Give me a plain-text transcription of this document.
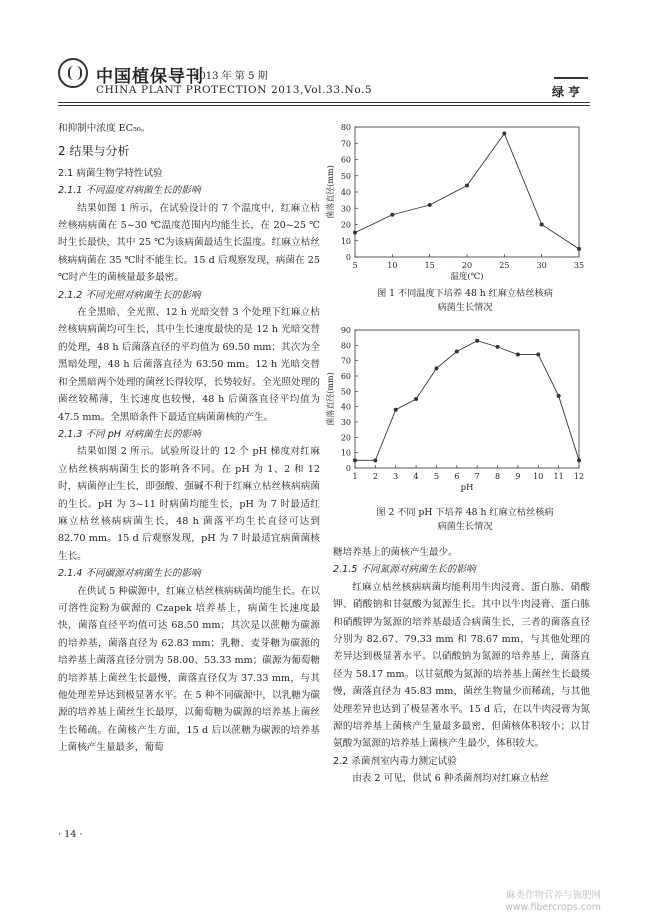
中国植保导刊
2013 年 第 5 期
CHINA PLANT PROTECTION 2013,Vol.33.No.5	绿 亨
和抑制中浓度 EC₅₀。
2 结果与分析
2.1 病菌生物学特性试验
2.1.1 不同温度对病菌生长的影响
结果如图 1 所示，在试验设计的 7 个温度中，红麻立枯丝核病病菌在 5~30 ℃温度范围内均能生长，在 20~25 ℃时生长最快，其中 25 ℃为该病菌最适生长温度。红麻立枯丝核病病菌在 35 ℃时不能生长。15 d 后观察发现，病菌在 25 ℃时产生的菌核量最多最密。
2.1.2 不同光照对病菌生长的影响
在全黑暗、全光照、12 h 光暗交替 3 个处理下红麻立枯丝核病病菌均可生长，其中生长速度最快的是 12 h 光暗交替的处理，48 h 后菌落直径的平均值为 69.50 mm；其次为全黑暗处理，48 h 后菌落直径为 63.50 mm。12 h 光暗交替和全黑暗两个处理的菌丝长得较厚，长势较好。全光照处理的菌丝较稀薄，生长速度也较慢，48 h 后菌落直径平均值为 47.5 mm。全黑暗条件下最适宜病菌菌核的产生。
2.1.3 不同 pH 对病菌生长的影响
结果如图 2 所示。试验所设计的 12 个 pH 梯度对红麻立枯丝核病病菌生长的影响各不同。在 pH 为 1、2 和 12 时，病菌停止生长，即强酸、强碱不利于红麻立枯丝核病病菌的生长。pH 为 3~11 时病菌均能生长，pH 为 7 时最适红麻立枯丝核病病菌生长，48 h 菌落平均生长直径可达到 82.70 mm。15 d 后观察发现，pH 为 7 时最适宜病菌菌核生长。
2.1.4 不同碳源对病菌生长的影响
在供试 5 种碳源中，红麻立枯丝核病病菌均能生长。在以可溶性淀粉为碳源的 Czapek 培养基上，病菌生长速度最快，菌落直径平均值可达 68.50 mm；其次是以蔗糖为碳源的培养基，菌落直径为 62.83 mm；乳糖、麦芽糖为碳源的培养基上菌落直径分别为 58.00、53.33 mm；碳源为葡萄糖的培养基上菌丝生长最慢，菌落直径仅为 37.33 mm，与其他处理差异达到极显著水平。在 5 种不同碳源中，以乳糖为碳源的培养基上菌丝生长最厚，以葡萄糖为碳源的培养基上菌丝生长稀疏。在菌核产生方面，15 d 后以蔗糖为碳源的培养基上菌核产生量最多，葡萄
糖培养基上的菌核产生最少。
2.1.5 不同氮源对病菌生长的影响
红麻立枯丝核病病菌均能利用牛肉浸膏、蛋白胨、硝酸钾、硝酸钠和甘氨酸为氮源生长。其中以牛肉浸膏、蛋白胨和硝酸钾为氮源的培养基最适合病菌生长，三者的菌落直径分别为 82.67、79.33 mm 和 78.67 mm，与其他处理的差异达到极显著水平。以硝酸钠为氮源的培养基上，菌落直径为 58.17 mm。以甘氨酸为氮源的培养基上菌丝生长最缓慢，菌落直径为 45.83 mm，菌丝生物量少而稀疏，与其他处理差异也达到了极显著水平。15 d 后，在以牛肉浸膏为氮源的培养基上菌核产生量最多最密，但菌核体积较小；以甘氨酸为氮源的培养基上菌核产生最少，体积较大。
2.2 杀菌剂室内毒力测定试验
由表 2 可见，供试 6 种杀菌剂均对红麻立枯丝
0
10
20
30
40
50
60
70
80
5	10	15	20	25	30	35
温度(℃)
菌落直径(mm)
图 1 不同温度下培养 48 h 红麻立枯丝核病
病菌生长情况
0
10
20
30
40
50
60
70
80
90
1 2 3 4 5 6 7 8 9 10 11 12
pH
菌落直径(mm)
图 2 不同 pH 下培养 48 h 红麻立枯丝核病
病菌生长情况
· 14 ·
麻类作物营养与施肥网
www.fibercrops.com
